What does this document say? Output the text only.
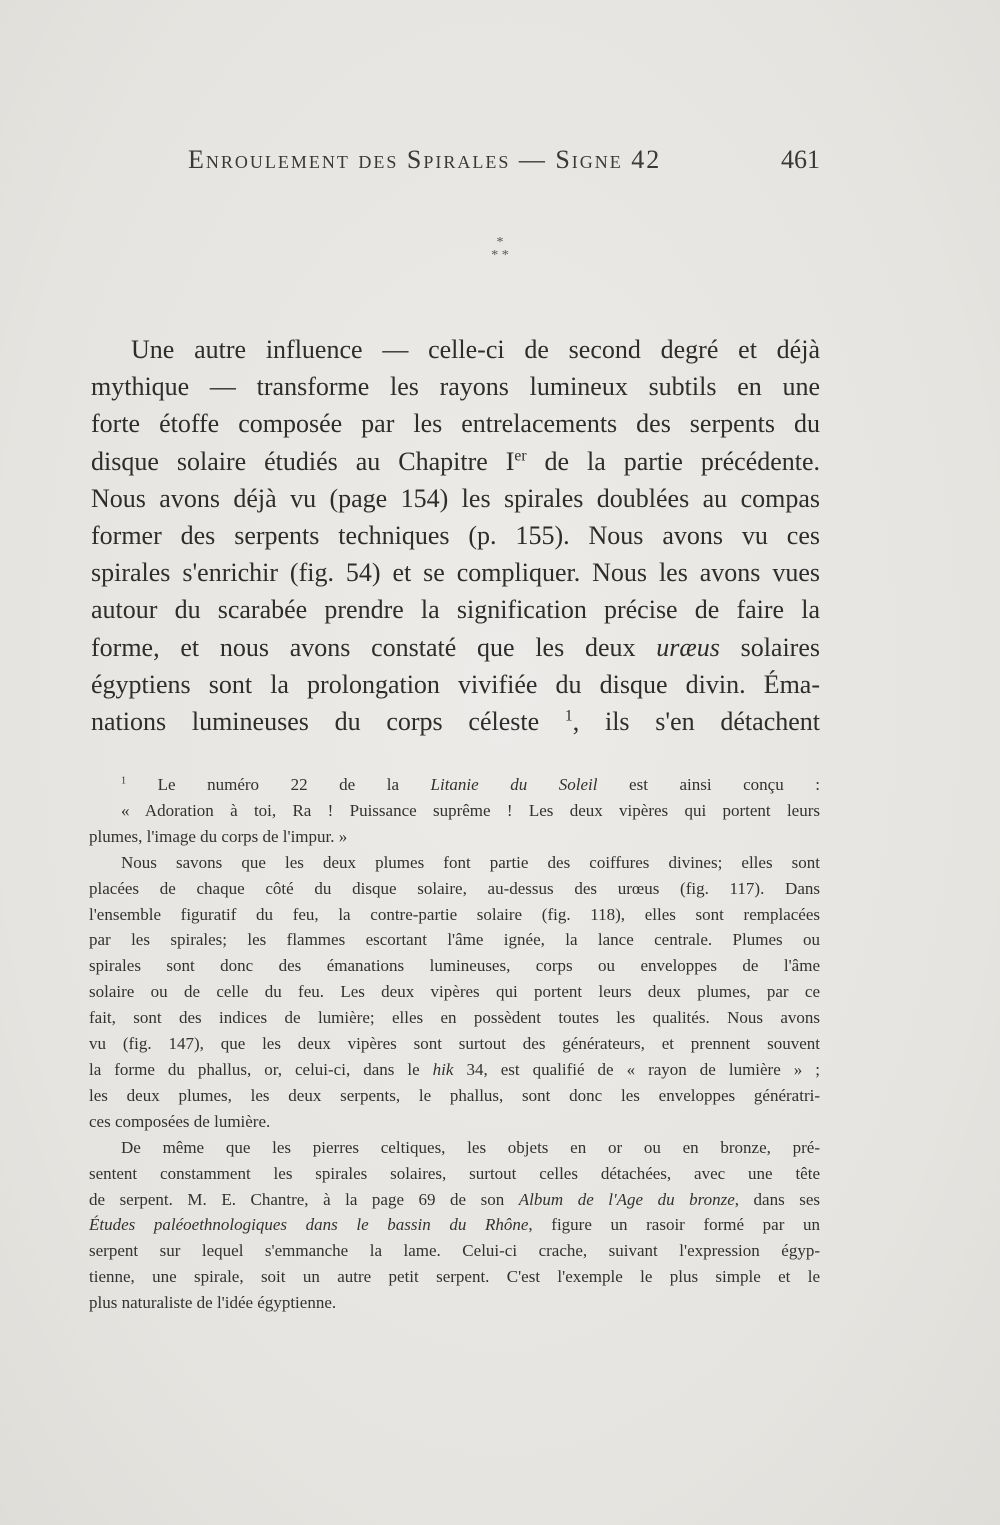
Enroulement des Spirales — Signe 42	461
*
* *
Une autre influence — celle-ci de second degré et déjà
mythique — transforme les rayons lumineux subtils en une
forte étoffe composée par les entrelacements des serpents du
disque solaire étudiés au Chapitre Ier de la partie précédente.
Nous avons déjà vu (page 154) les spirales doublées au compas
former des serpents techniques (p. 155). Nous avons vu ces
spirales s'enrichir (fig. 54) et se compliquer. Nous les avons vues
autour du scarabée prendre la signification précise de faire la
forme, et nous avons constaté que les deux uræus solaires
égyptiens sont la prolongation vivifiée du disque divin. Éma-
nations lumineuses du corps céleste $^1$, ils s'en détachent
$^1$ Le numéro 22 de la Litanie du Soleil est ainsi conçu :
« Adoration à toi, Ra ! Puissance suprême ! Les deux vipères qui portent leurs
plumes, l'image du corps de l'impur. »
Nous savons que les deux plumes font partie des coiffures divines; elles sont
placées de chaque côté du disque solaire, au-dessus des urœus (fig. 117). Dans
l'ensemble figuratif du feu, la contre-partie solaire (fig. 118), elles sont remplacées
par les spirales; les flammes escortant l'âme ignée, la lance centrale. Plumes ou
spirales sont donc des émanations lumineuses, corps ou enveloppes de l'âme
solaire ou de celle du feu. Les deux vipères qui portent leurs deux plumes, par ce
fait, sont des indices de lumière; elles en possèdent toutes les qualités. Nous avons
vu (fig. 147), que les deux vipères sont surtout des générateurs, et prennent souvent
la forme du phallus, or, celui-ci, dans le hik 34, est qualifié de « rayon de lumière » ;
les deux plumes, les deux serpents, le phallus, sont donc les enveloppes génératri-
ces composées de lumière.
De même que les pierres celtiques, les objets en or ou en bronze, pré-
sentent constamment les spirales solaires, surtout celles détachées, avec une tête
de serpent. M. E. Chantre, à la page 69 de son Album de l'Age du bronze, dans ses
Études paléoethnologiques dans le bassin du Rhône, figure un rasoir formé par un
serpent sur lequel s'emmanche la lame. Celui-ci crache, suivant l'expression égyp-
tienne, une spirale, soit un autre petit serpent. C'est l'exemple le plus simple et le
plus naturaliste de l'idée égyptienne.
